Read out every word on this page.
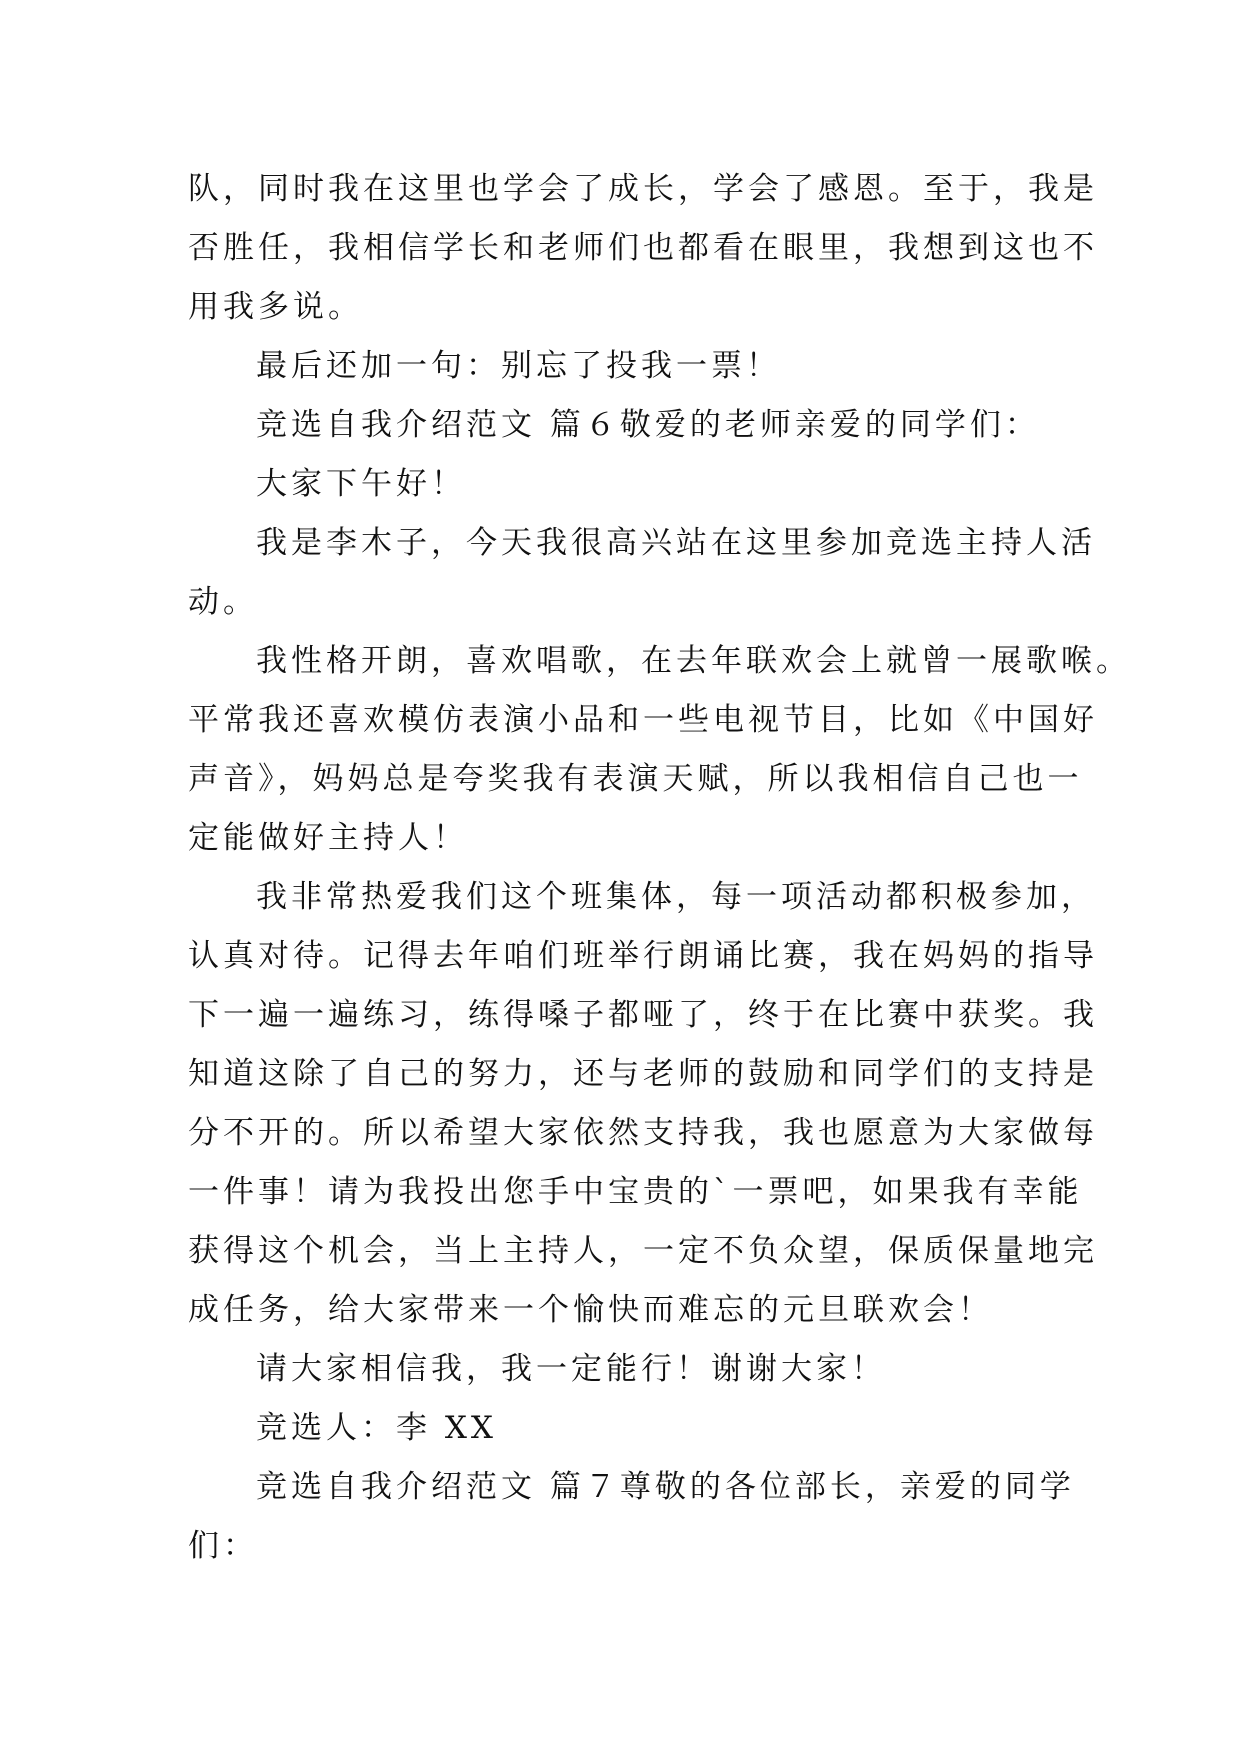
队，同时我在这里也学会了成长，学会了感恩。至于，我是
否胜任，我相信学长和老师们也都看在眼里，我想到这也不
用我多说。
最后还加一句：别忘了投我一票！
竞选自我介绍范文 篇６敬爱的老师亲爱的同学们：
大家下午好！
我是李木子，今天我很高兴站在这里参加竞选主持人活
动。
我性格开朗，喜欢唱歌，在去年联欢会上就曾一展歌喉。
平常我还喜欢模仿表演小品和一些电视节目，比如《中国好
声音》，妈妈总是夸奖我有表演天赋，所以我相信自己也一
定能做好主持人！
我非常热爱我们这个班集体，每一项活动都积极参加，
认真对待。记得去年咱们班举行朗诵比赛，我在妈妈的指导
下一遍一遍练习，练得嗓子都哑了，终于在比赛中获奖。我
知道这除了自己的努力，还与老师的鼓励和同学们的支持是
分不开的。所以希望大家依然支持我，我也愿意为大家做每
一件事！请为我投出您手中宝贵的`一票吧，如果我有幸能
获得这个机会，当上主持人，一定不负众望，保质保量地完
成任务，给大家带来一个愉快而难忘的元旦联欢会！
请大家相信我，我一定能行！谢谢大家！
竞选人：李 XX
竞选自我介绍范文 篇７尊敬的各位部长，亲爱的同学
们：
